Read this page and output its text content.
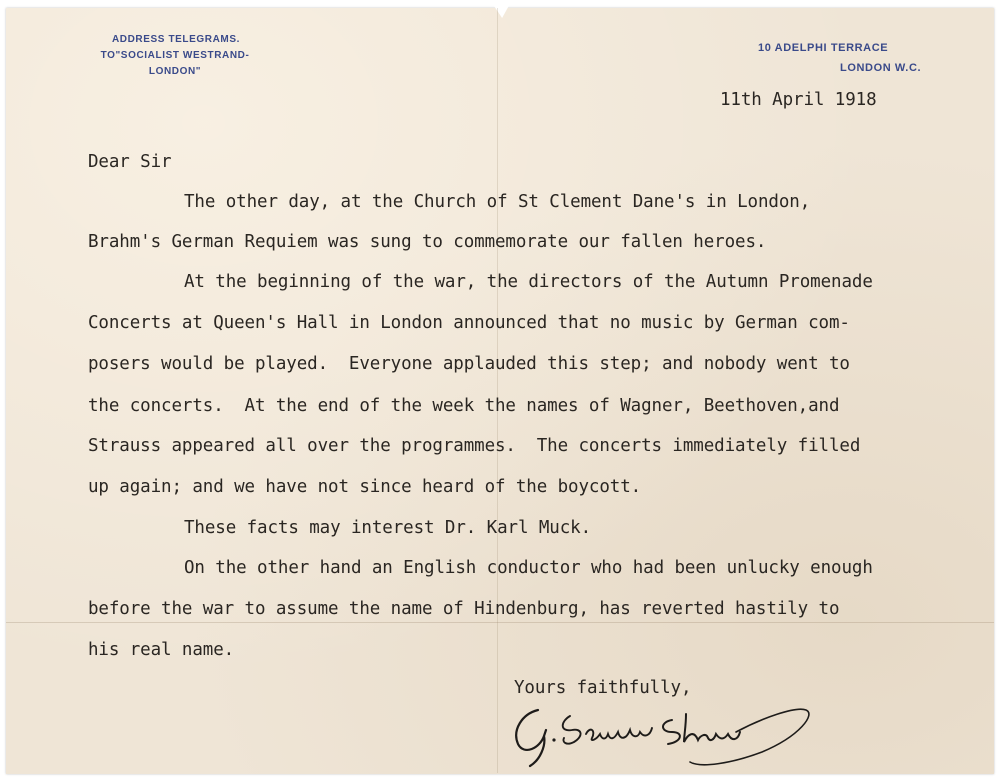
ADDRESS TELEGRAMS.
TO"SOCIALIST WESTRAND-LONDON"
10 ADELPHI TERRACE
LONDON W.C.
11th April 1918
Dear Sir
The other day, at the Church of St Clement Dane's in London,
Brahm's German Requiem was sung to commemorate our fallen heroes.
At the beginning of the war, the directors of the Autumn Promenade
Concerts at Queen's Hall in London announced that no music by German com-
posers would be played.  Everyone applauded this step; and nobody went to
the concerts.  At the end of the week the names of Wagner, Beethoven,and
Strauss appeared all over the programmes.  The concerts immediately filled
up again; and we have not since heard of the boycott.
These facts may interest Dr. Karl Muck.
On the other hand an English conductor who had been unlucky enough
before the war to assume the name of Hindenburg, has reverted hastily to
his real name.
Yours faithfully,
